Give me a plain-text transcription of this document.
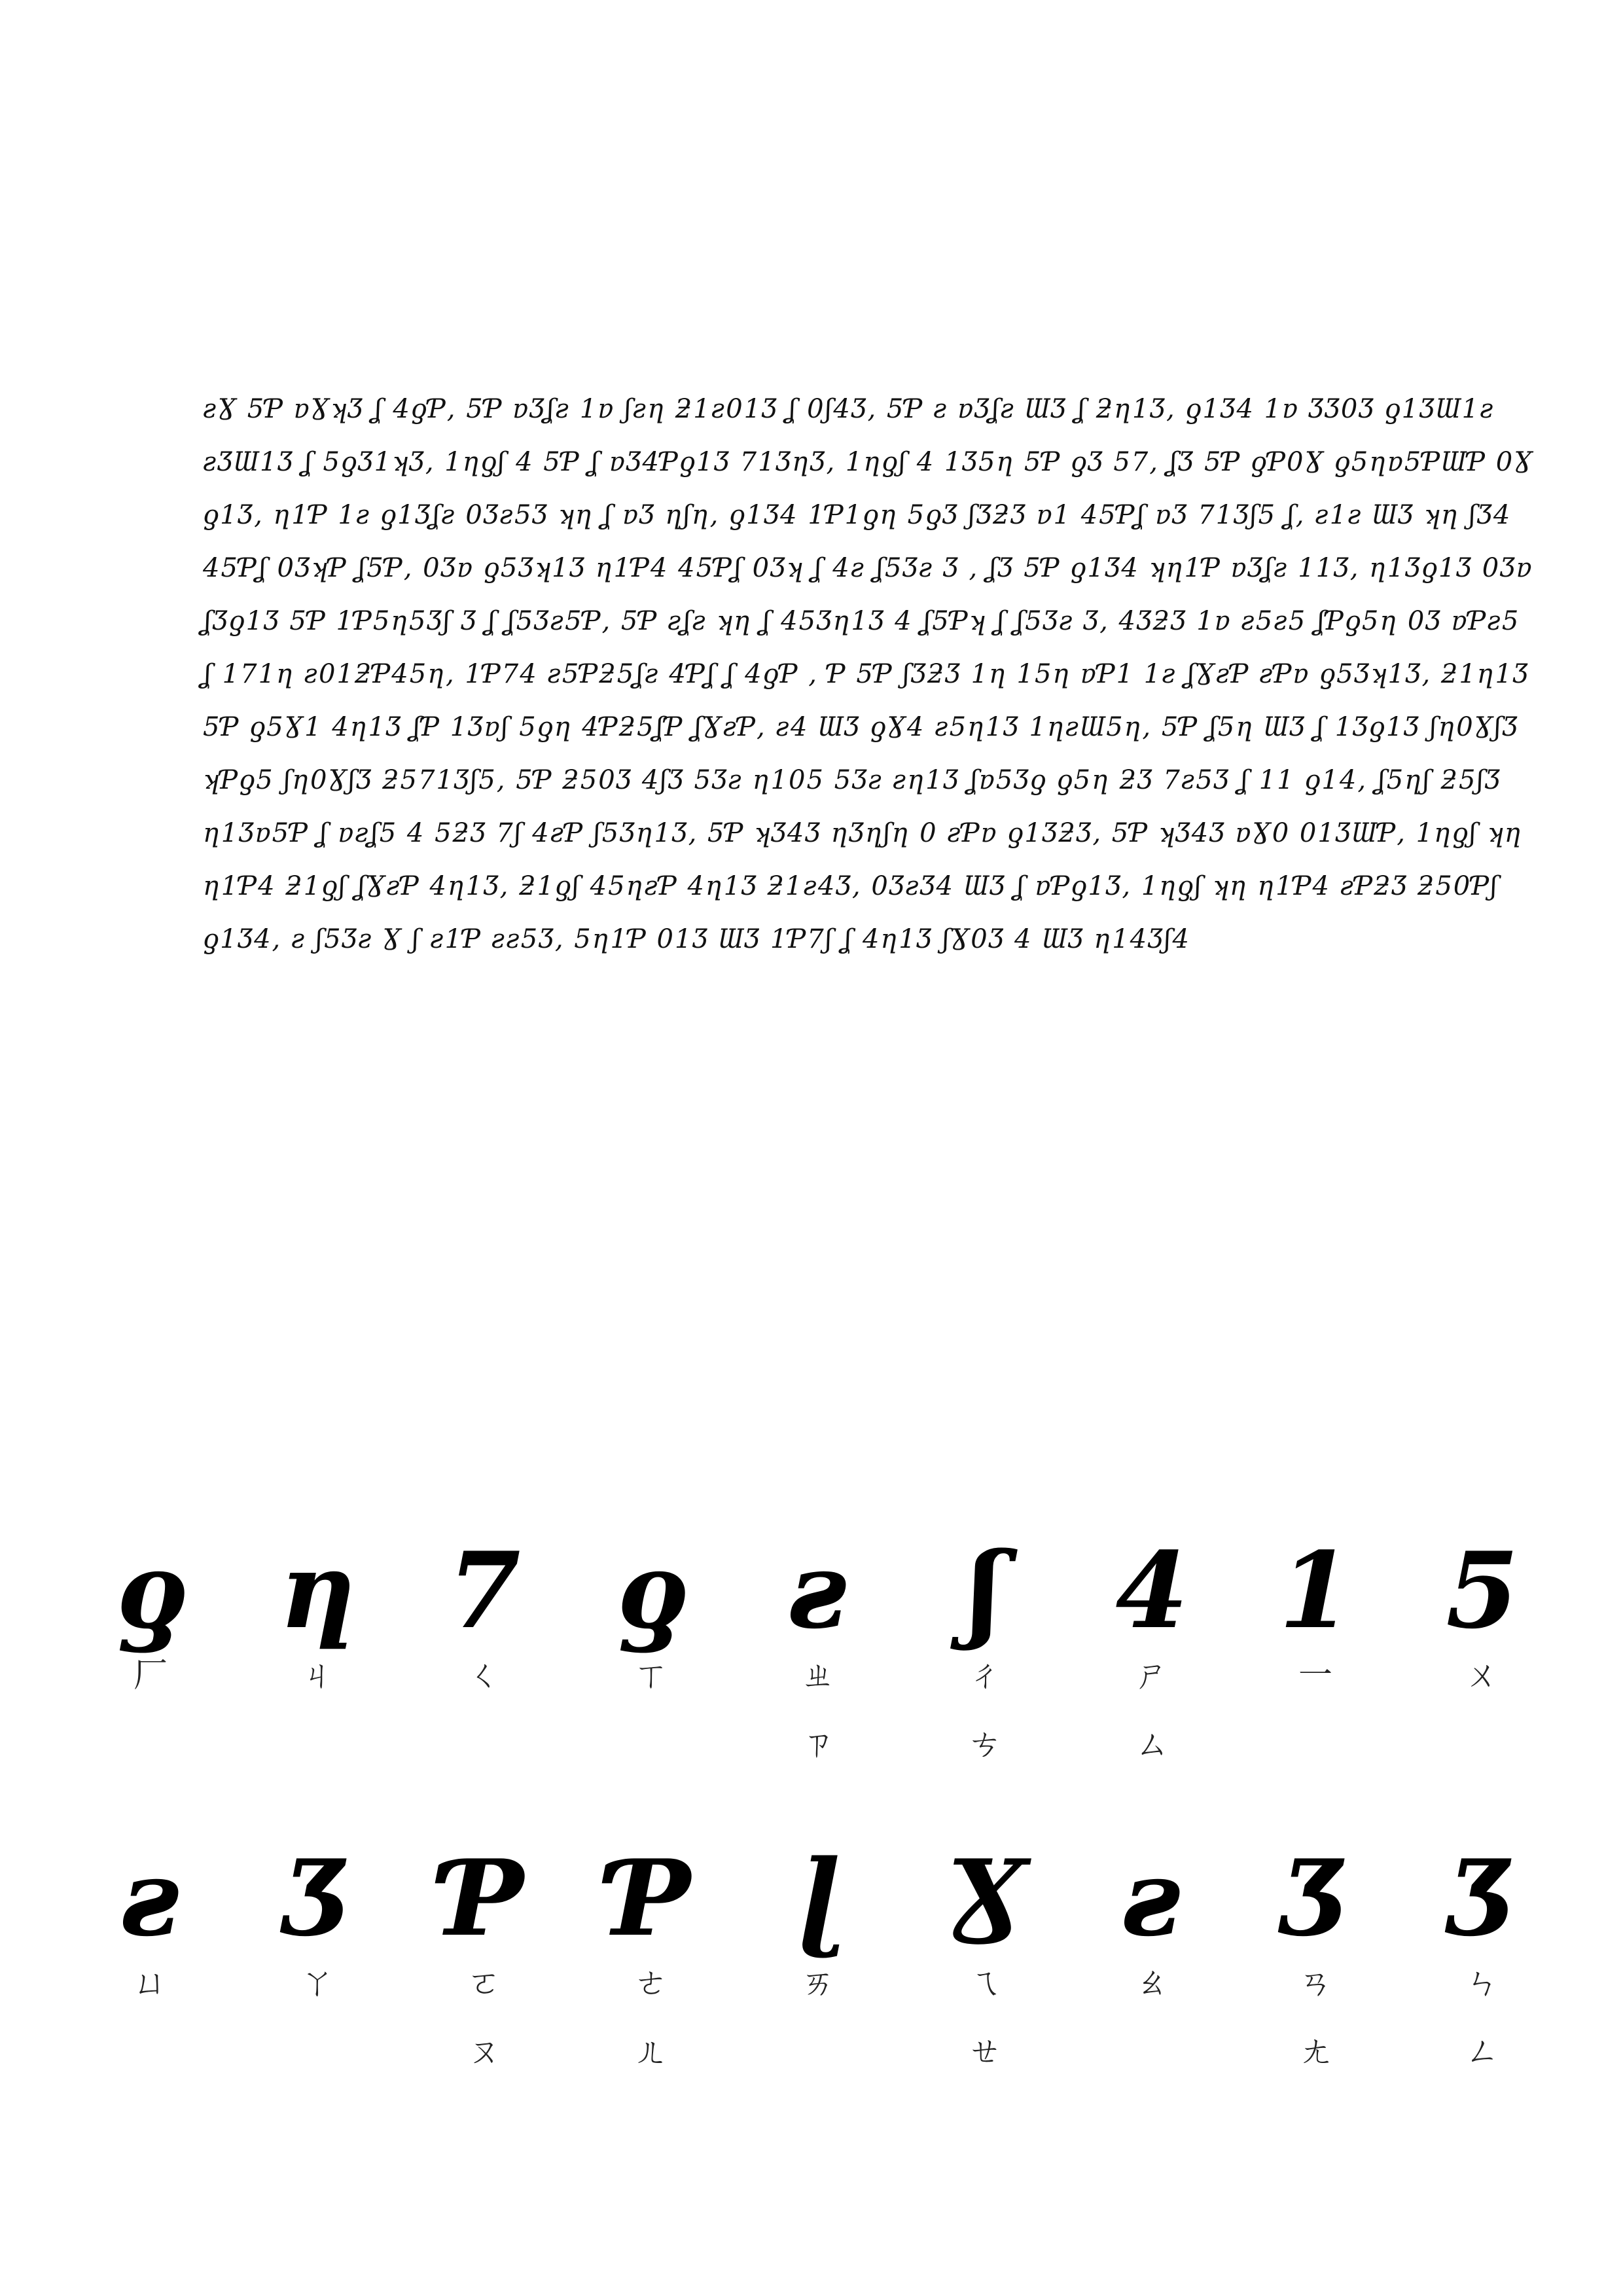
ƨƔ 5Ƥ ɐƔʞƷ ʆ 4ƍƤ, 5Ƥ ɐƷʆƨ 1ɐ ʃƨƞ ƻ1ƨ01Ʒ ʆ 0ʃ4Ʒ, 5Ƥ ƨ ɐƷʆƨ ƜƷ ʆ ƻƞ1Ʒ, ƍ1Ʒ4 1ɐ ƷƷ0Ʒ ƍ1ƷƜ1ƨ
ƨƷƜ1Ʒ ʆ 5ƍƷ1ʞƷ, 1ƞƍʃ 4 5Ƥ ʆ ɐƷ4Ƥƍ1Ʒ 71ƷƞƷ, 1ƞƍʃ 4 1Ʒ5ƞ 5Ƥ ƍƷ 57, ʆƷ 5Ƥ ƍƤ0Ɣ ƍ5ƞɐ5ƤƜƤ 0Ɣ
ƍ1Ʒ, ƞ1Ƥ 1ƨ ƍ1Ʒʆƨ 0Ʒƨ5Ʒ ʞƞ ʆ ɐƷ ƞʃƞ, ƍ1Ʒ4 1Ƥ1ƍƞ 5ƍƷ ʃƷƻƷ ɐ1 45Ƥʆ ɐƷ 71Ʒʃ5 ʆ, ƨ1ƨ ƜƷ ʞƞ ʃƷ4
45Ƥʆ 0ƷʞƤ ʆ5Ƥ, 0Ʒɐ ƍ5Ʒʞ1Ʒ ƞ1Ƥ4 45Ƥʆ 0Ʒʞ ʆ 4ƨ ʆ5Ʒƨ Ʒ , ʆƷ 5Ƥ ƍ1Ʒ4 ʞƞ1Ƥ ɐƷʆƨ 11Ʒ, ƞ1Ʒƍ1Ʒ 0Ʒɐ
ʆƷƍ1Ʒ 5Ƥ 1Ƥ5ƞ5Ʒʃ Ʒ ʆ ʆ5Ʒƨ5Ƥ, 5Ƥ ƨʆƨ ʞƞ ʆ 45Ʒƞ1Ʒ 4 ʆ5Ƥʞ ʆ ʆ5Ʒƨ Ʒ, 4ƷƻƷ 1ɐ ƨ5ƨ5 ʆƤƍ5ƞ 0Ʒ ɐƤƨ5
ʆ 171ƞ ƨ01ƻƤ45ƞ, 1Ƥ74 ƨ5Ƥƻ5ʆƨ 4Ƥʆ ʆ 4ƍƤ , Ƥ 5Ƥ ʃƷƻƷ 1ƞ 15ƞ ɐƤ1 1ƨ ʆƔƨƤ ƨƤɐ ƍ5Ʒʞ1Ʒ, ƻ1ƞ1Ʒ
5Ƥ ƍ5Ɣ1 4ƞ1Ʒ ʆƤ 1Ʒɐʃ 5ƍƞ 4Ƥƻ5ʆƤ ʆƔƨƤ, ƨ4 ƜƷ ƍƔ4 ƨ5ƞ1Ʒ 1ƞƨƜ5ƞ, 5Ƥ ʆ5ƞ ƜƷ ʆ 1Ʒƍ1Ʒ ʃƞ0ƔʃƷ
ʞƤƍ5 ʃƞ0ƔʃƷ ƻ571Ʒʃ5, 5Ƥ ƻ50Ʒ 4ʃƷ 5Ʒƨ ƞ105 5Ʒƨ ƨƞ1Ʒ ʆɐ5Ʒƍ ƍ5ƞ ƻƷ 7ƨ5Ʒ ʆ 11 ƍ14, ʆ5ƞʃ ƻ5ʃƷ
ƞ1Ʒɐ5Ƥ ʆ ɐƨʆ5 4 5ƻƷ 7ʃ 4ƨƤ ʃ5Ʒƞ1Ʒ, 5Ƥ ʞƷ4Ʒ ƞƷƞʃƞ 0 ƨƤɐ ƍ1ƷƻƷ, 5Ƥ ʞƷ4Ʒ ɐƔ0 01ƷƜƤ, 1ƞƍʃ ʞƞ
ƞ1Ƥ4 ƻ1ƍʃ ʆƔƨƤ 4ƞ1Ʒ, ƻ1ƍʃ 45ƞƨƤ 4ƞ1Ʒ ƻ1ƨ4Ʒ, 0ƷƨƷ4 ƜƷ ʆ ɐƤƍ1Ʒ, 1ƞƍʃ ʞƞ ƞ1Ƥ4 ƨƤƻƷ ƻ50Ƥʃ
ƍ1Ʒ4, ƨ ʃ5Ʒƨ Ɣ ʃ ƨ1Ƥ ƨƨ5Ʒ, 5ƞ1Ƥ 01Ʒ ƜƷ 1Ƥ7ʃ ʆ 4ƞ1Ʒ ʃƔ0Ʒ 4 ƜƷ ƞ14Ʒʃ4
ƍ
厂
ƞ
ㄐ
7
ㄑ
ƍ
ㄒ
ƨ
ㄓ
ㄗ
ʃ
ㄔ
ㄘ
4
ㄕ
ㄙ
1
一
5
ㄨ
ƨ
ㄩ
Ʒ
ㄚ
Ƥ
ㄛ
ㄡ
Ƥ
ㄜ
ㄦ
ɭ
ㄞ
Ɣ
ㄟ
ㄝ
ƨ
ㄠ
Ʒ
ㄢ
ㄤ
Ʒ
ㄣ
ㄥ
